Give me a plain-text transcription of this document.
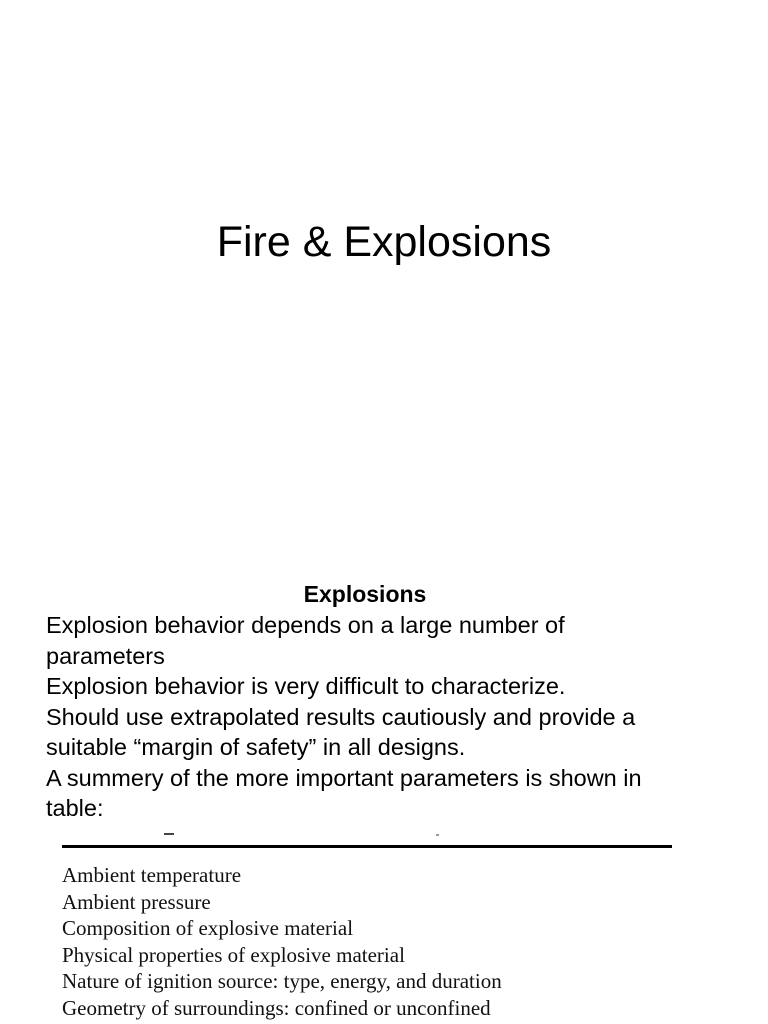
Fire & Explosions
Explosions
Explosion behavior depends on a large number of
parameters
Explosion behavior is very difficult to characterize.
Should use extrapolated results cautiously and provide a
suitable “margin of safety” in all designs.
A summery of the more important parameters is shown in
table:
Ambient temperature
Ambient pressure
Composition of explosive material
Physical properties of explosive material
Nature of ignition source: type, energy, and duration
Geometry of surroundings: confined or unconfined
